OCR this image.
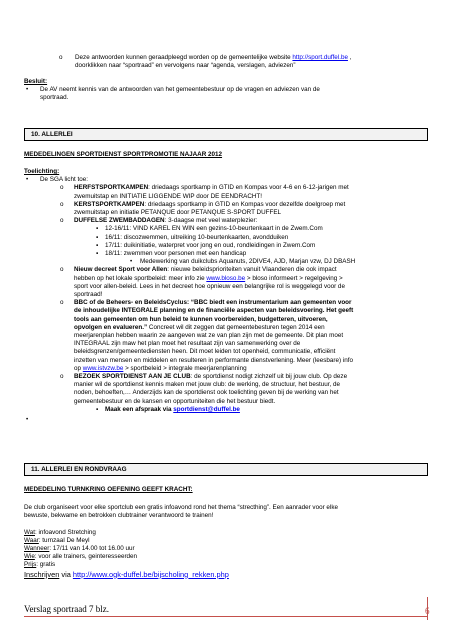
o	Deze antwoorden kunnen geraadpleegd worden op de gemeentelijke website http://sport.duffel.be ,
doorklikken naar “sportraad” en vervolgens naar “agenda, verslagen, adviezen”
Besluit:
• De AV neemt kennis van de antwoorden van het gemeentebestuur op de vragen en adviezen van de
sportraad.
10. ALLERLEI
MEDEDELINGEN SPORTDIENST SPORTPROMOTIE NAJAAR 2012
Toelichting:
• De SGA licht toe:
o HERFSTSPORTKAMPEN: driedaags sportkamp in GTID en Kompas voor 4-6 en 6-12-jarigen met
zwemuitstap en INITIATIE LIGGENDE WIP door DE EENDRACHT!
o KERSTSPORTKAMPEN: driedaags sportkamp in GTID en Kompas voor dezelfde doelgroep met
zwemuitstap en initiatie PETANQUE door PETANQUE S-SPORT DUFFEL
o DUFFELSE ZWEMBADDAGEN: 3-daagse met veel waterplezier:
▪ 12-16/11: VIND KAREL EN WIN een gezins-10-beurtenkaart in de Zwem.Com
▪ 16/11: discozwemmen, uitreiking 10-beurtenkaarten, avondduiken
▪ 17/11: duikinitiatie, waterpret voor jong en oud, rondleidingen in Zwem.Com
▪ 18/11: zwemmen voor personen met een handicap
• Medewerking van duikclubs Aquanuts, 2DIVE4, AJD, Marjan vzw, DJ DBASH
o Nieuw decreet Sport voor Allen: nieuwe beleidsprioriteiten vanuit Vlaanderen die ook impact
hebben op het lokale sportbeleid: meer info zie www.bloso.be > bloso informeert > regelgeving >
sport voor allen-beleid. Lees in het decreet hoe opnieuw een belangrijke rol is weggelegd voor de
sportraad!
o BBC of de Beheers- en BeleidsCyclus: “BBC biedt een instrumentarium aan gemeenten voor
de inhoudelijke INTEGRALE planning en de financiële aspecten van beleidsvoering. Het geeft
tools aan gemeenten om hun beleid te kunnen voorbereiden, budgetteren, uitvoeren,
opvolgen en evalueren.” Concreet wil dit zeggen dat gemeentebesturen tegen 2014 een
meerjarenplan hebben waarin ze aangeven wat ze van plan zijn met de gemeente. Dit plan moet
INTEGRAAL zijn maw het plan moet het resultaat zijn van samenwerking over de
beleidsgrenzen/gemeentediensten heen. Dit moet leiden tot openheid, communicatie, efficiënt
inzetten van mensen en middelen en resulteren in performante dienstverlening. Meer (leesbare) info
op www.istvzw.be > sportbeleid > integrale meerjarenplanning
o BEZOEK SPORTDIENST AAN JE CLUB: de sportdienst nodigt zichzelf uit bij jouw club. Op deze
manier wil de sportdienst kennis maken met jouw club: de werking, de structuur, het bestuur, de
noden, behoeften,… Anderzijds kan de sportdienst ook toelichting geven bij de werking van het
gemeentebestuur en de kansen en opportuniteiten die het bestuur biedt.
▪ Maak een afspraak via sportdienst@duffel.be
•
11. ALLERLEI EN RONDVRAAG
MEDEDELING TURNKRING OEFENING GEEFT KRACHT:
De club organiseert voor elke sportclub een gratis infoavond rond het thema “strecthing”. Een aanrader voor elke
bewuste, bekwame en betrokken clubtrainer verantwoord te trainen!
Wat: infoavond Stretching
Waar: turnzaal De Meyl
Wanneer: 17/11 van 14.00 tot 16.00 uur
Wie: voor alle trainers, geinteresseerden
Prijs: gratis
Inschrijven via http://www.ogk-duffel.be/bijscholing_rekken.php
Verslag sportraad 7 blz.	6
